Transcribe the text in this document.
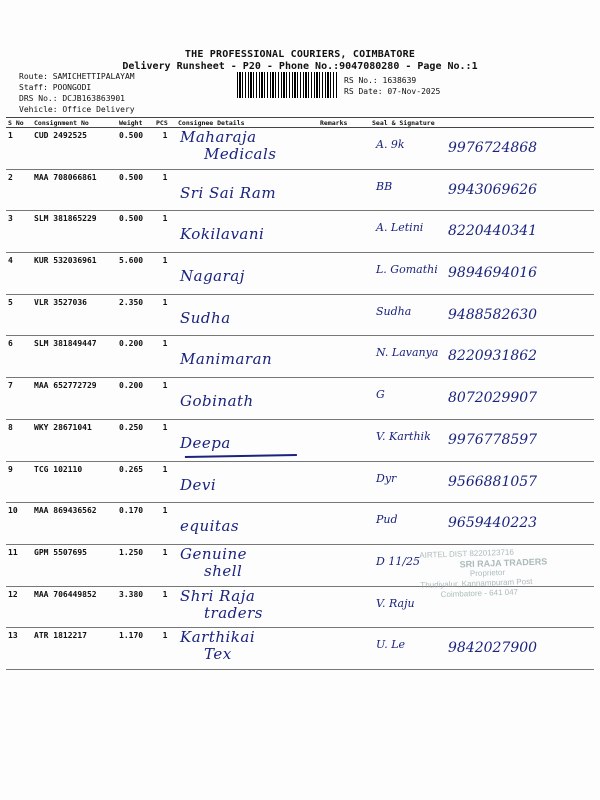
THE PROFESSIONAL COURIERS, COIMBATORE
Delivery Runsheet - P20 - Phone No.:9047080280 - Page No.:1
Route: SAMICHETTIPALAYAM
Staff: POONGODI
DRS No.: DCJB163863901
Vehicle: Office Delivery
RS No.: 1638639
RS Date: 07-Nov-2025
S No	Consignment No	Weight	PCS	Consignee Details	Remarks	Seal & Signature
1	CUD 2492525	0.500	1	Maharaja
Medicals		A. 9k 9976724868

2	MAA 708066861	0.500	1	Sri Sai Ram		BB 9943069626

3	SLM 381865229	0.500	1	Kokilavani		A. Letini 8220440341

4	KUR 532036961	5.600	1	Nagaraj		L. Gomathi 9894694016

5	VLR 3527036	2.350	1	Sudha		Sudha 9488582630

6	SLM 381849447	0.200	1	Manimaran		N. Lavanya 8220931862

7	MAA 652772729	0.200	1	Gobinath		G 8072029907

8	WKY 28671041	0.250	1	Deepa		V. Karthik 9976778597

9	TCG 102110	0.265	1	Devi		Dyr 9566881057

10	MAA 869436562	0.170	1	equitas		Pud 9659440223

11	GPM 5507695	1.250	1	Genuine
shell		D 11/25

12	MAA 706449852	3.380	1	Shri Raja
traders		V. Raju

13	ATR 1812217	1.170	1	Karthikai
Tex		U. Le 9842027900
AIRTEL DIST 8220123716
SRI RAJA TRADERS
Proprietor
Thudiyalur, Kannampuram Post
Coimbatore - 641 047
